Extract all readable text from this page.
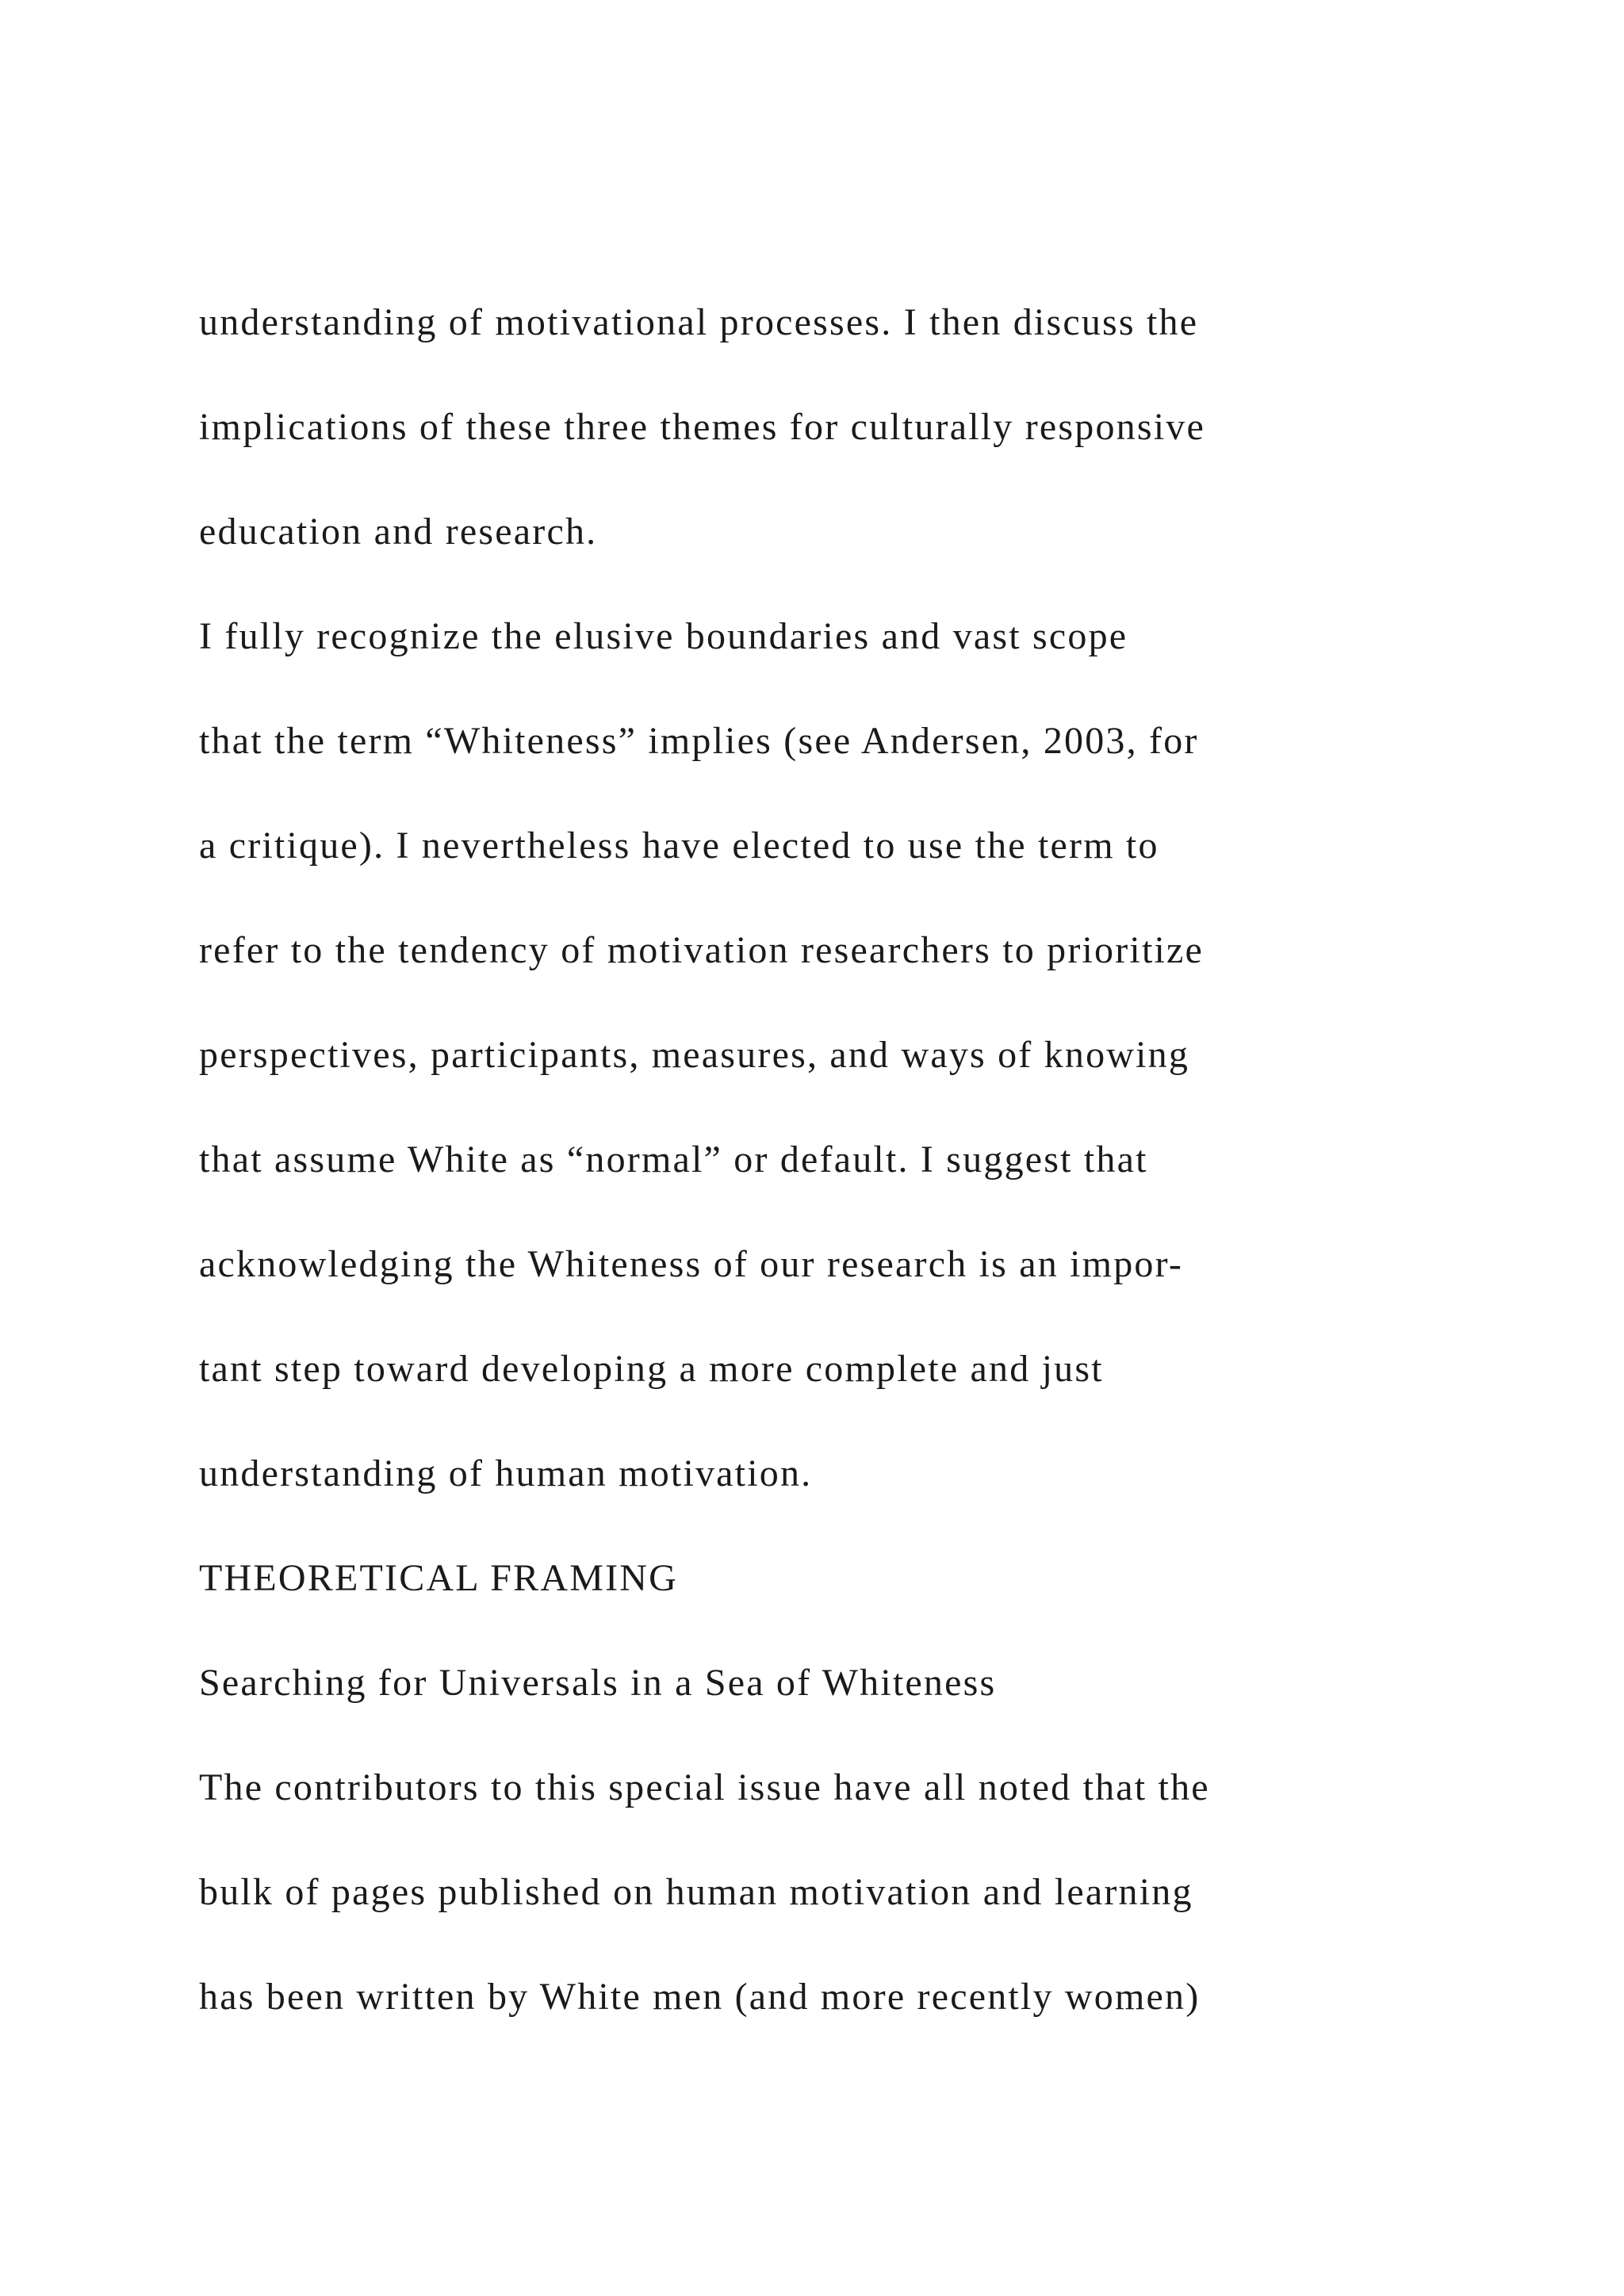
understanding of motivational processes. I then discuss the
implications of these three themes for culturally responsive
education and research.
I fully recognize the elusive boundaries and vast scope
that the term “Whiteness” implies (see Andersen, 2003, for
a critique). I nevertheless have elected to use the term to
refer to the tendency of motivation researchers to prioritize
perspectives, participants, measures, and ways of knowing
that assume White as “normal” or default. I suggest that
acknowledging the Whiteness of our research is an impor-
tant step toward developing a more complete and just
understanding of human motivation.
THEORETICAL FRAMING
Searching for Universals in a Sea of Whiteness
The contributors to this special issue have all noted that the
bulk of pages published on human motivation and learning
has been written by White men (and more recently women)
